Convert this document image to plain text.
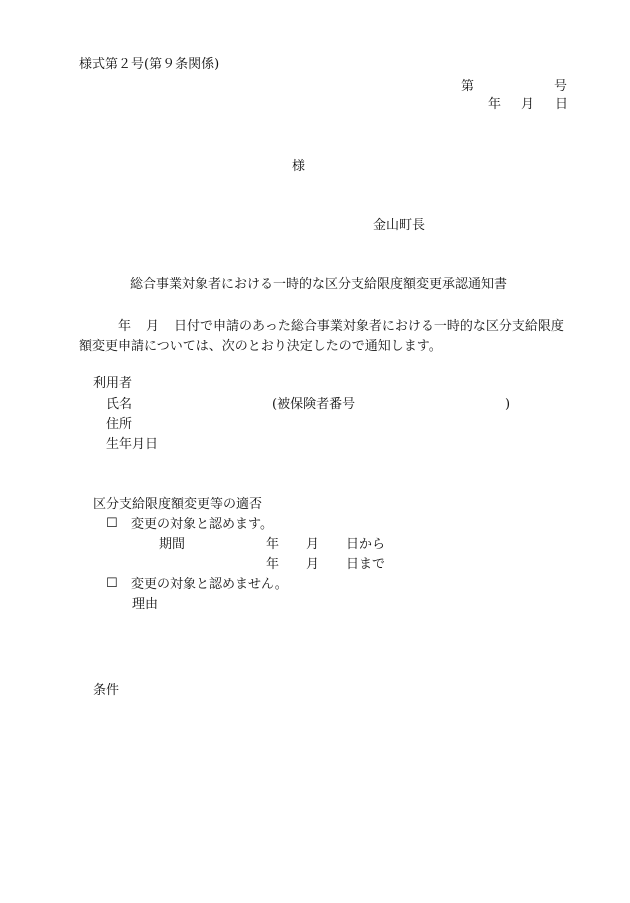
様式第２号(第９条関係)
第	号
年 月 日
様
金山町長
総合事業対象者における一時的な区分支給限度額変更承認通知書
年 月 日付で申請のあった総合事業対象者における一時的な区分支給限度
額変更申請については、次のとおり決定したので通知します。
利用者
氏名	(被保険者番号	)
住所
生年月日
区分支給限度額変更等の適否
☐ 変更の対象と認めます。
期間	年 月 日から
年 月 日まで
☐ 変更の対象と認めません。
理由
条件
